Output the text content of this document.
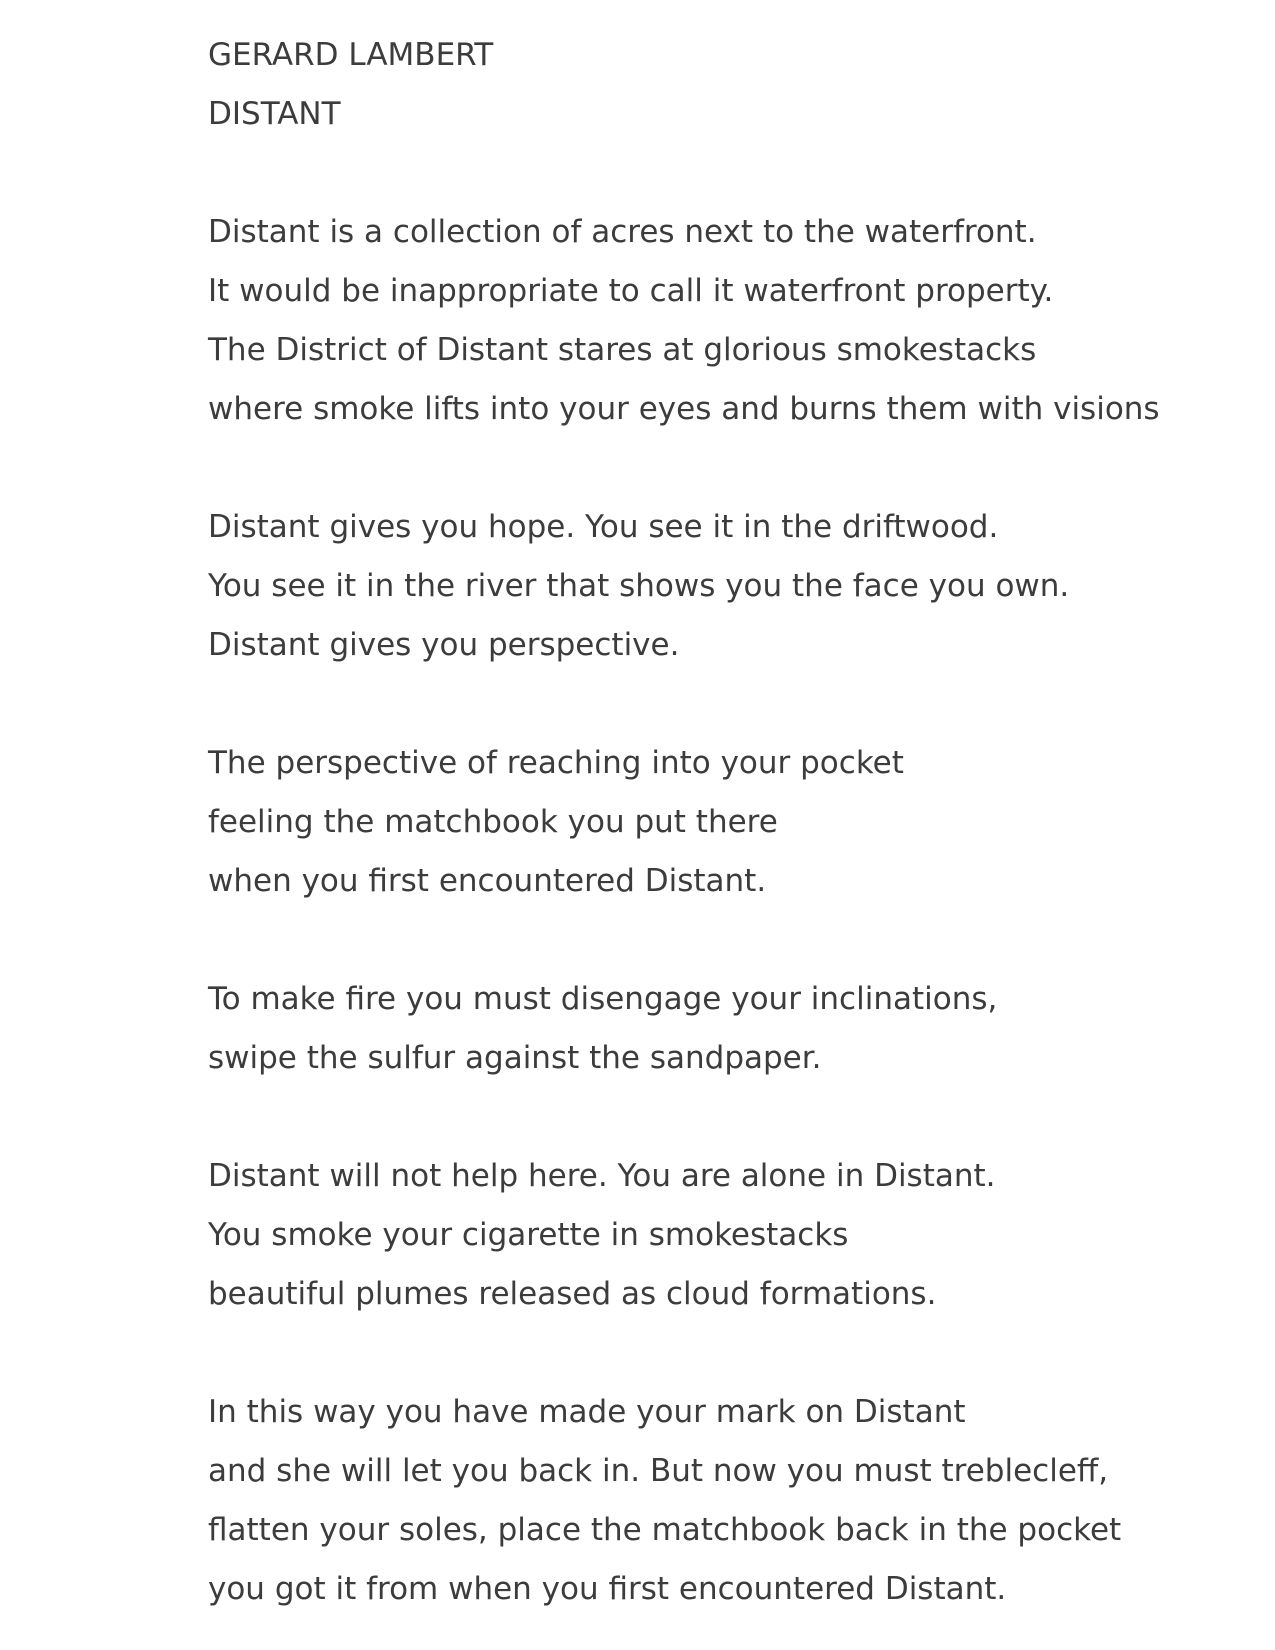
GERARD LAMBERT
DISTANT
Distant is a collection of acres next to the waterfront.
It would be inappropriate to call it waterfront property.
The District of Distant stares at glorious smokestacks
where smoke lifts into your eyes and burns them with visions
Distant gives you hope. You see it in the driftwood.
You see it in the river that shows you the face you own.
Distant gives you perspective.
The perspective of reaching into your pocket
feeling the matchbook you put there
when you first encountered Distant.
To make fire you must disengage your inclinations,
swipe the sulfur against the sandpaper.
Distant will not help here. You are alone in Distant.
You smoke your cigarette in smokestacks
beautiful plumes released as cloud formations.
In this way you have made your mark on Distant
and she will let you back in. But now you must treblecleff,
flatten your soles, place the matchbook back in the pocket
you got it from when you first encountered Distant.
